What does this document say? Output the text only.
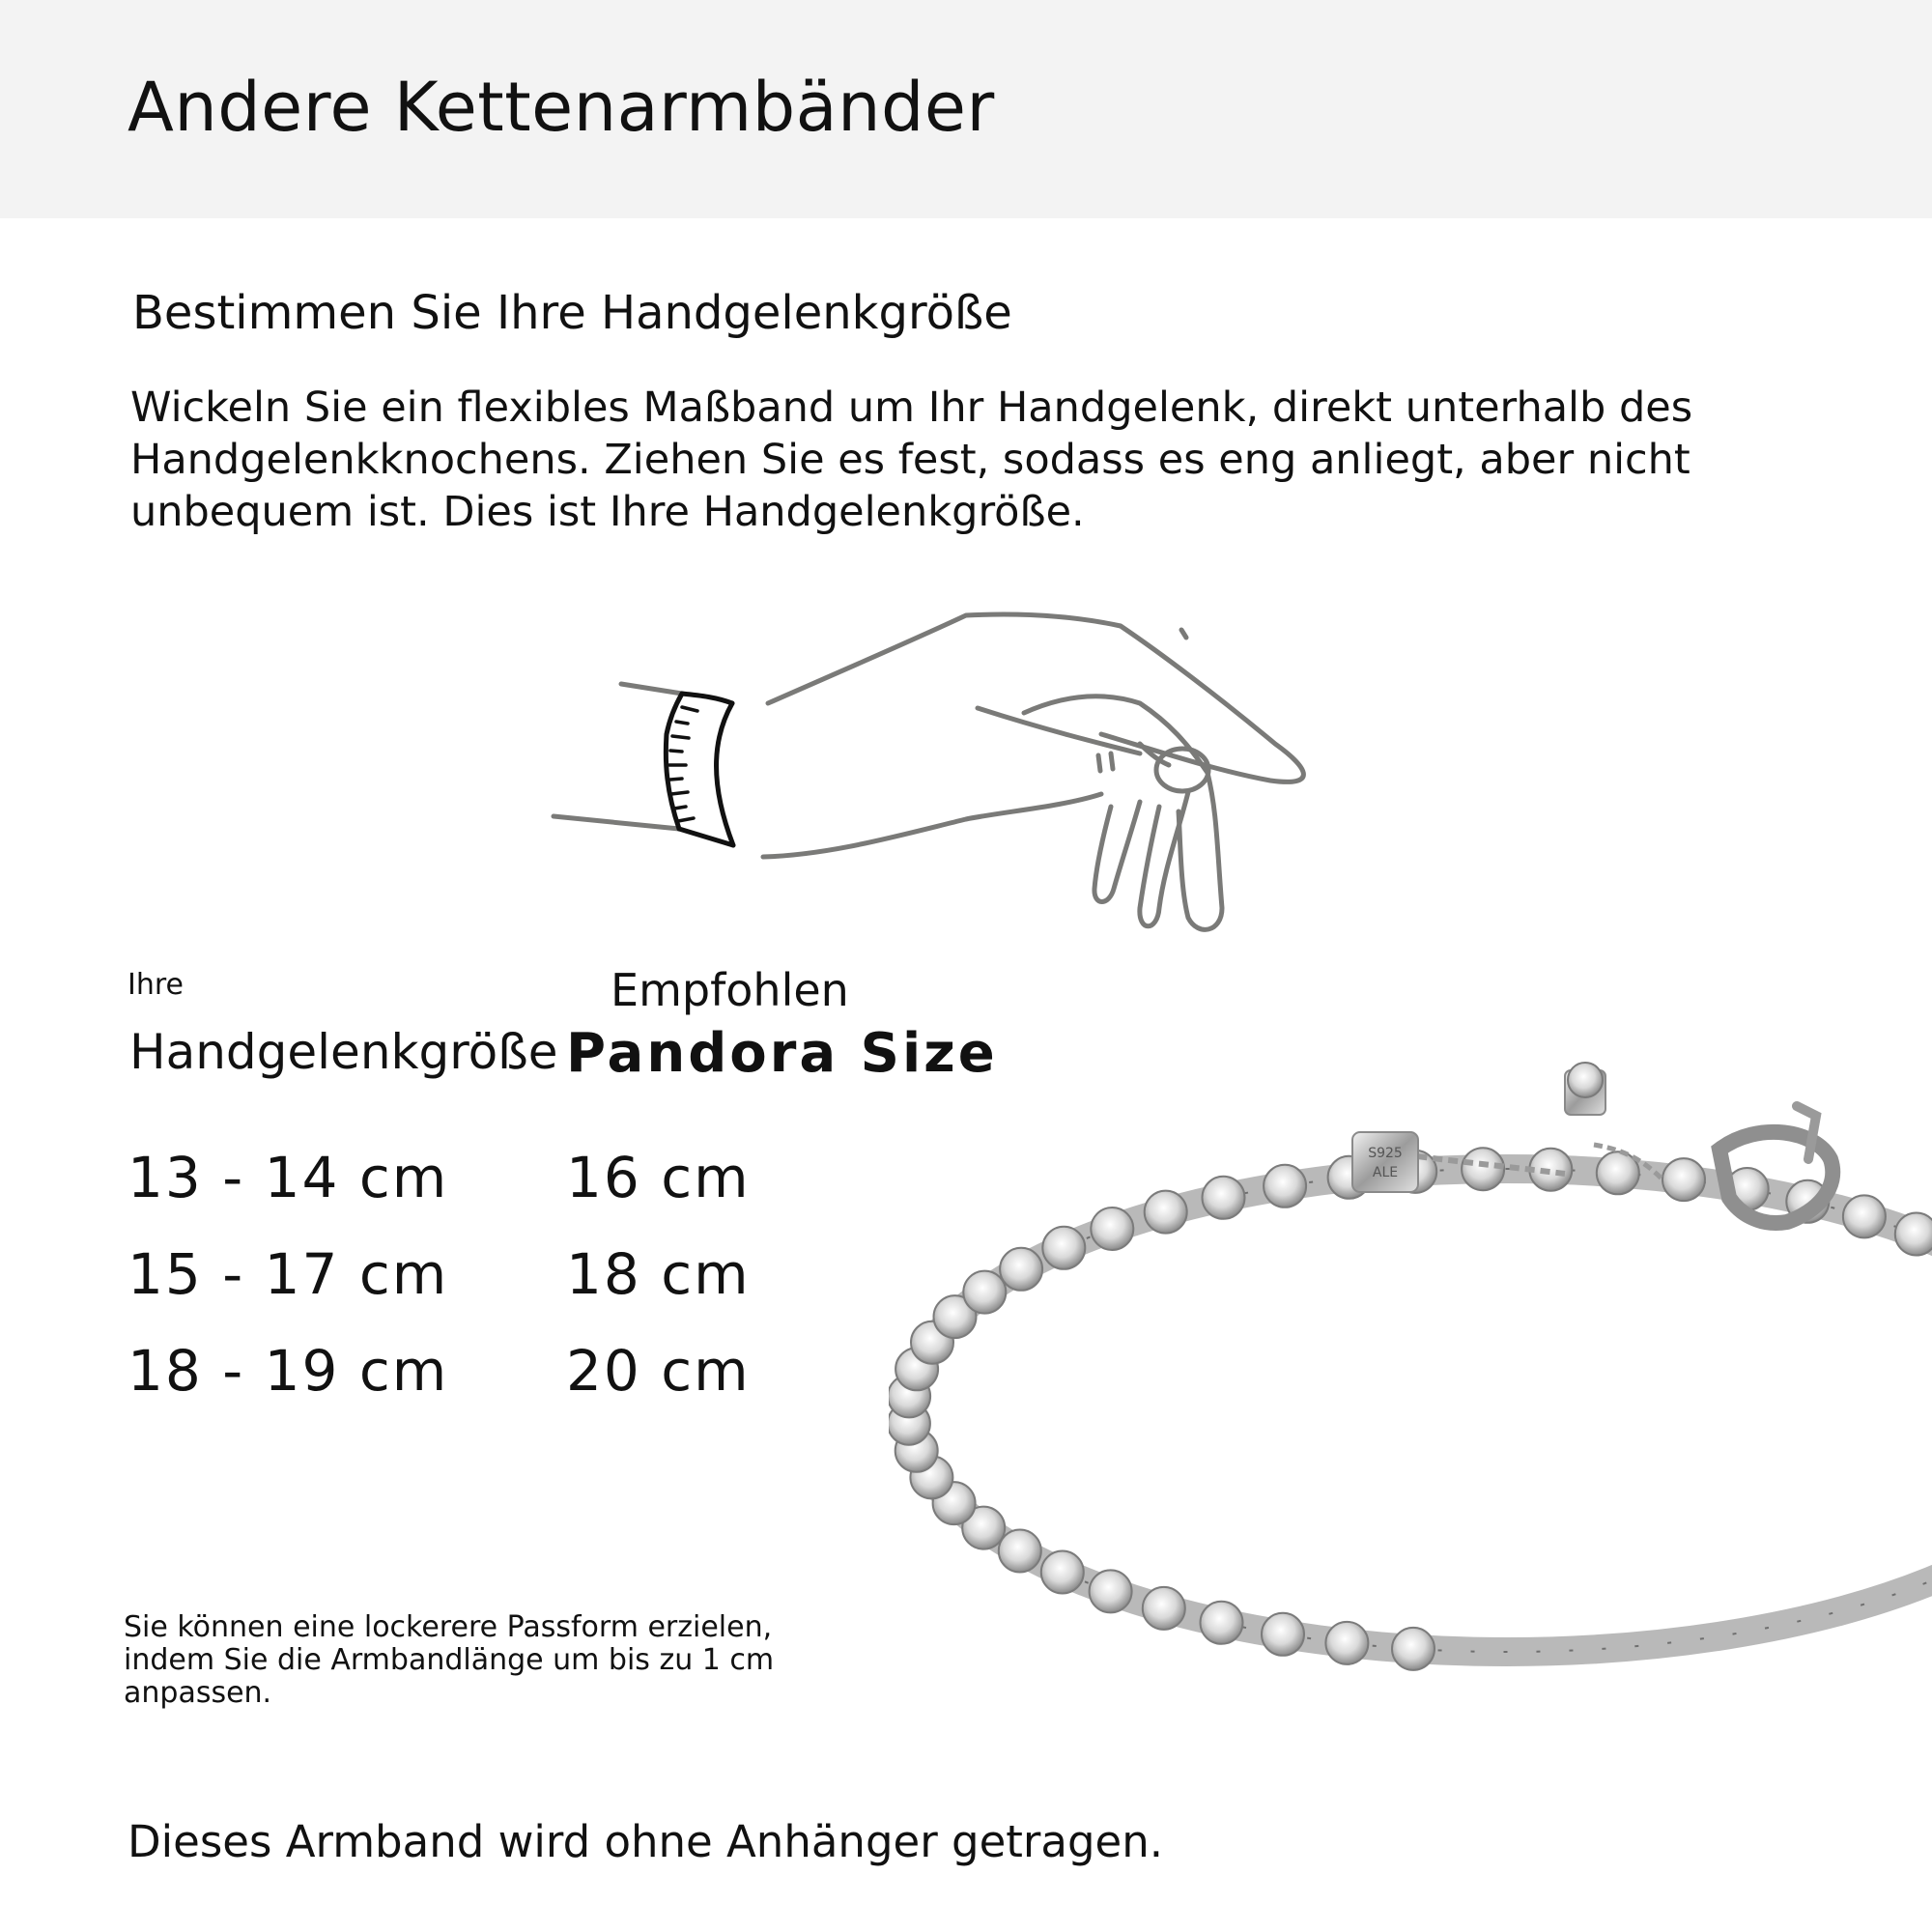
Andere Kettenarmbänder
Bestimmen Sie Ihre Handgelenkgröße

Wickeln Sie ein flexibles Maßband um Ihr Handgelenk, direkt unterhalb des Handgelenkknochens. Ziehen Sie es fest, sodass es eng anliegt, aber nicht unbequem ist. Dies ist Ihre Handgelenkgröße.

Ihre
Handgelenkgröße
Empfohlen
Pandora Size
13 - 14 cm 16 cm
15 - 17 cm 18 cm
18 - 19 cm 20 cm

Sie können eine lockerere Passform erzielen, indem Sie die Armbandlänge um bis zu 1 cm anpassen.

S925
ALE

Dieses Armband wird ohne Anhänger getragen.
